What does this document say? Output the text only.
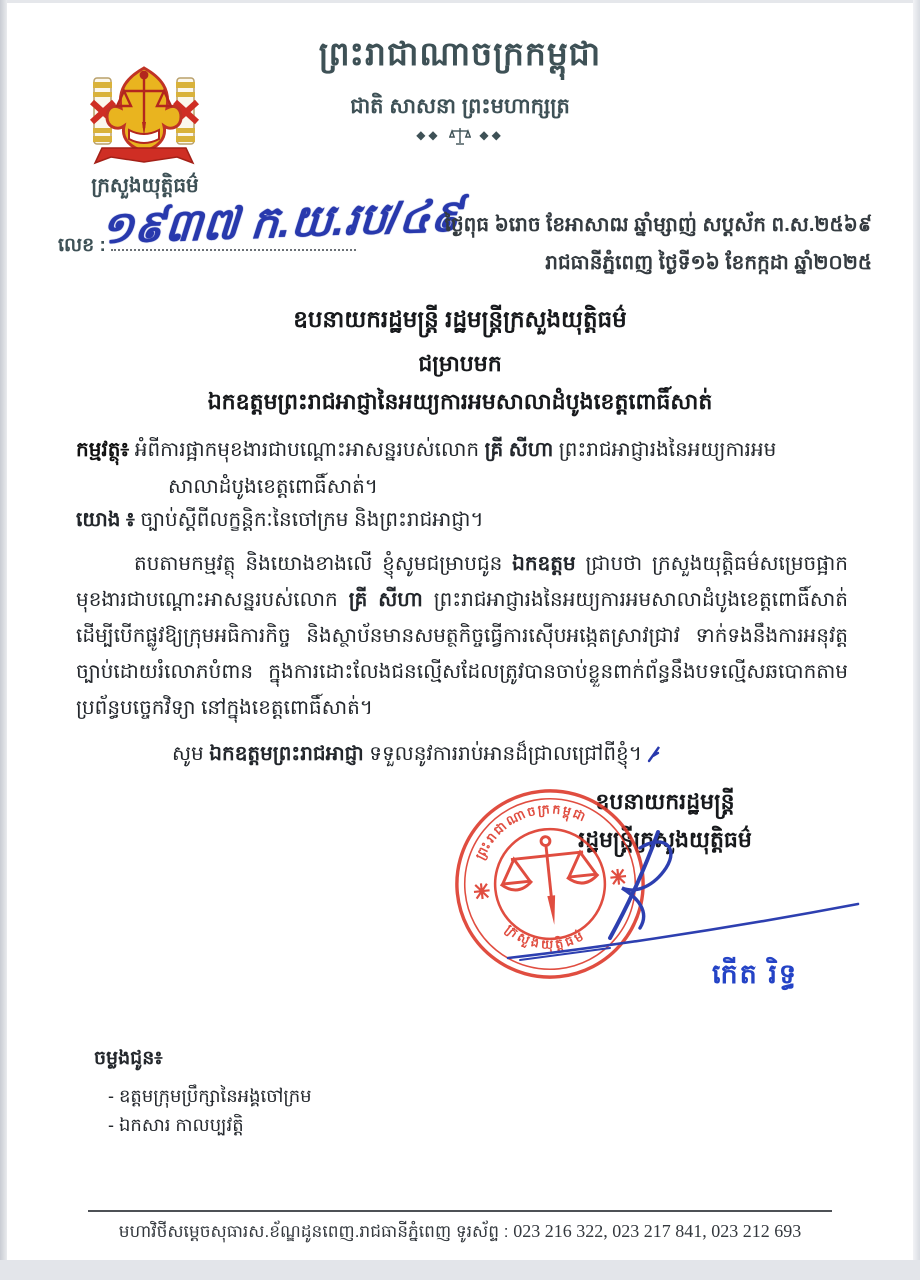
ព្រះរាជាណាចក្រកម្ពុជា
ជាតិ សាសនា ព្រះមហាក្សត្រ
◆◆	◆◆
ក្រសួងយុត្តិធម៌
លេខ :
១៩៣៧ ក.យ.រប/៤៩
ថ្ងៃពុធ ៦រោច ខែអាសាឍ ឆ្នាំម្សាញ់ សប្តស័ក ព.ស.២៥៦៩
រាជធានីភ្នំពេញ ថ្ងៃទី១៦ ខែកក្កដា ឆ្នាំ២០២៥
ឧបនាយករដ្ឋមន្ត្រី រដ្ឋមន្ត្រីក្រសួងយុត្តិធម៌
ជម្រាបមក
ឯកឧត្តមព្រះរាជអាជ្ញានៃអយ្យការអមសាលាដំបូងខេត្តពោធិ៍សាត់
កម្មវត្ថុ៖ អំពីការផ្អាកមុខងារជាបណ្ដោះអាសន្នរបស់លោក គ្រី សីហា ព្រះរាជអាជ្ញារងនៃអយ្យការអម
សាលាដំបូងខេត្តពោធិ៍សាត់។
យោង ៖ ច្បាប់ស្ដីពីលក្ខន្តិកៈនៃចៅក្រម និងព្រះរាជអាជ្ញា។
តបតាមកម្មវត្ថុ និងយោងខាងលើ ខ្ញុំសូមជម្រាបជូន ឯកឧត្តម ជ្រាបថា ក្រសួងយុត្តិធម៌សម្រេចផ្អាកមុខងារជាបណ្ដោះអាសន្នរបស់លោក គ្រី សីហា ព្រះរាជអាជ្ញារងនៃអយ្យការអមសាលាដំបូងខេត្តពោធិ៍សាត់ ដើម្បីបើកផ្លូវឱ្យក្រុមអធិការកិច្ច និងស្ថាប័នមានសមត្ថកិច្ចធ្វើការស៊ើបអង្កេតស្រាវជ្រាវ ទាក់ទងនឹងការអនុវត្តច្បាប់ដោយរំលោភបំពាន ក្នុងការដោះលែងជនល្មើសដែលត្រូវបានចាប់ខ្លួនពាក់ព័ន្ធនឹងបទល្មើសឆបោកតាមប្រព័ន្ធបច្ចេកវិទ្យា នៅក្នុងខេត្តពោធិ៍សាត់។
សូម ឯកឧត្តមព្រះរាជអាជ្ញា ទទួលនូវការរាប់អានដ៏ជ្រាលជ្រៅពីខ្ញុំ។
ឧបនាយករដ្ឋមន្ត្រី
រដ្ឋមន្ត្រីក្រសួងយុត្តិធម៌
ព្រះរាជាណាចក្រកម្ពុជា
ក្រសួងយុត្តិធម៌
កើត រិទ្ធ
ចម្លងជូន៖
- ឧត្តមក្រុមប្រឹក្សានៃអង្គចៅក្រម
- ឯកសារ កាលប្បវត្តិ
មហាវិថីសម្ដេចសុធារស.ខ័ណ្ឌដូនពេញ.រាជធានីភ្នំពេញ ទូរស័ព្ទ : 023 216 322, 023 217 841, 023 212 693
